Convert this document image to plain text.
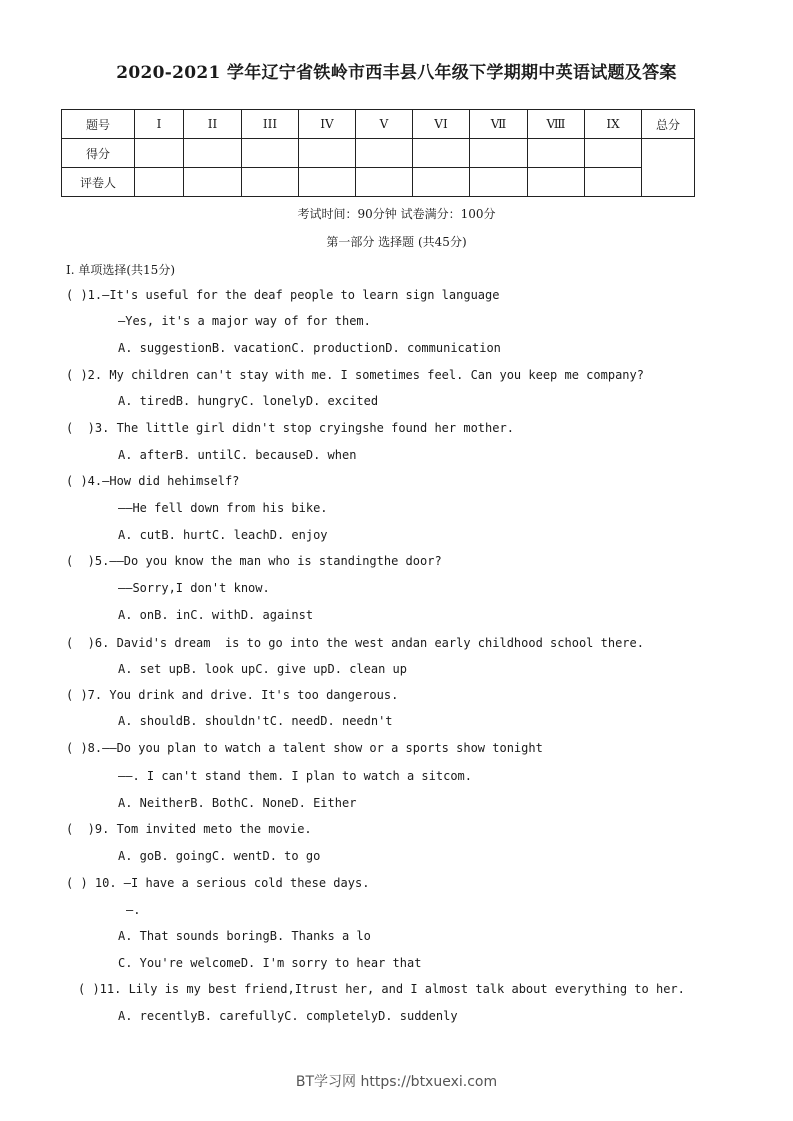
2020-2021 学年辽宁省铁岭市西丰县八年级下学期期中英语试题及答案
题号	I	II	III	IV	V	VI	Ⅶ	Ⅷ	IX	总分
得分										
评卷人										
考试时间：90分钟 试卷满分：100分
第一部分 选择题 (共45分)
I. 单项选择(共15分)
( )1.—It's useful for the deaf people to learn sign language
—Yes, it's a major way of for them.
A. suggestionB. vacationC. productionD. communication
( )2. My children can't stay with me. I sometimes feel. Can you keep me company?
A. tiredB. hungryC. lonelyD. excited
(  )3. The little girl didn't stop cryingshe found her mother.
A. afterB. untilC. becauseD. when
( )4.—How did hehimself?
——He fell down from his bike.
A. cutB. hurtC. leachD. enjoy
(  )5.——Do you know the man who is standingthe door?
——Sorry,I don't know.
A. onB. inC. withD. against
(  )6. David's dream  is to go into the west andan early childhood school there.
A. set upB. look upC. give upD. clean up
( )7. You drink and drive. It's too dangerous.
A. shouldB. shouldn'tC. needD. needn't
( )8.——Do you plan to watch a talent show or a sports show tonight
——. I can't stand them. I plan to watch a sitcom.
A. NeitherB. BothC. NoneD. Either
(  )9. Tom invited meto the movie.
A. goB. goingC. wentD. to go
( ) 10. —I have a serious cold these days.
—.
A. That sounds boringB. Thanks a lo
C. You're welcomeD. I'm sorry to hear that
( )11. Lily is my best friend,Itrust her, and I almost talk about everything to her.
A. recentlyB. carefullyC. completelyD. suddenly
BT学习网 https://btxuexi.com
